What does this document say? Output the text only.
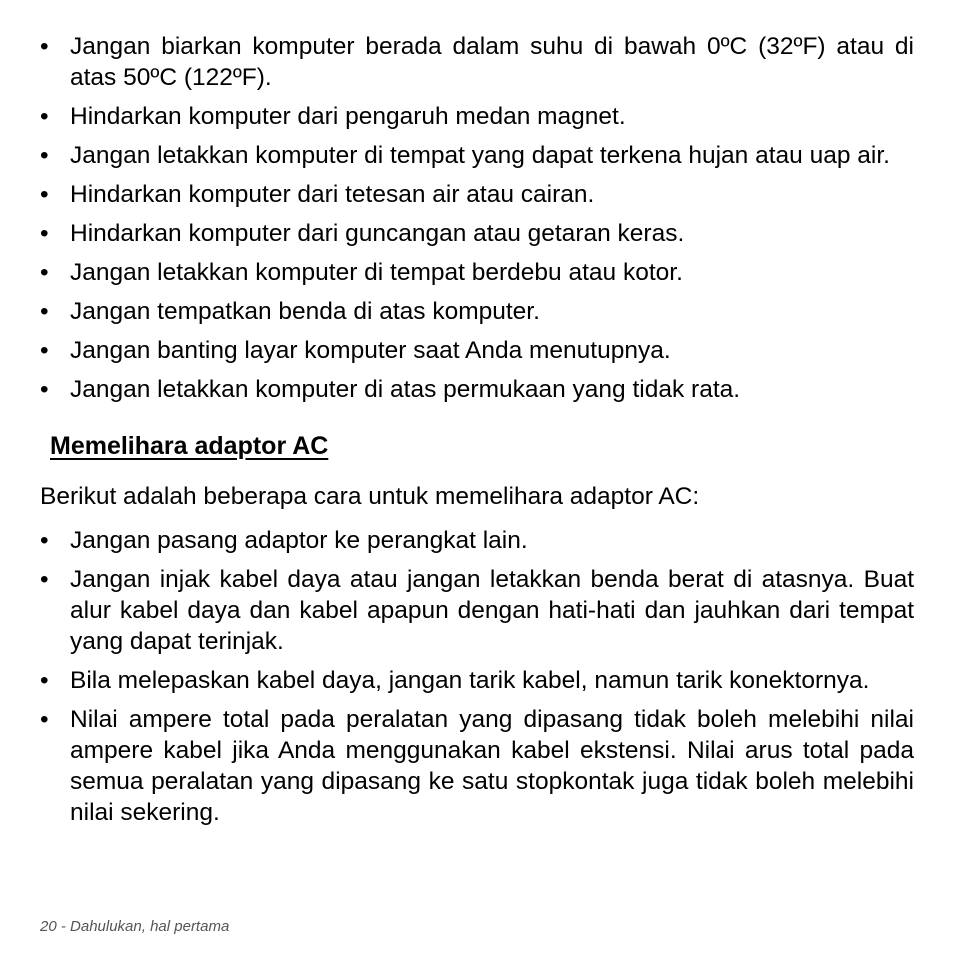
• Jangan biarkan komputer berada dalam suhu di bawah 0ºC (32ºF) atau di atas 50ºC (122ºF).
• Hindarkan komputer dari pengaruh medan magnet.
• Jangan letakkan komputer di tempat yang dapat terkena hujan atau uap air.
• Hindarkan komputer dari tetesan air atau cairan.
• Hindarkan komputer dari guncangan atau getaran keras.
• Jangan letakkan komputer di tempat berdebu atau kotor.
• Jangan tempatkan benda di atas komputer.
• Jangan banting layar komputer saat Anda menutupnya.
• Jangan letakkan komputer di atas permukaan yang tidak rata.
Memelihara adaptor AC
Berikut adalah beberapa cara untuk memelihara adaptor AC:
• Jangan pasang adaptor ke perangkat lain.
• Jangan injak kabel daya atau jangan letakkan benda berat di atasnya. Buat alur kabel daya dan kabel apapun dengan hati-hati dan jauhkan dari tempat yang dapat terinjak.
• Bila melepaskan kabel daya, jangan tarik kabel, namun tarik konektornya.
• Nilai ampere total pada peralatan yang dipasang tidak boleh melebihi nilai ampere kabel jika Anda menggunakan kabel ekstensi. Nilai arus total pada semua peralatan yang dipasang ke satu stopkontak juga tidak boleh melebihi nilai sekering.
20 - Dahulukan, hal pertama
